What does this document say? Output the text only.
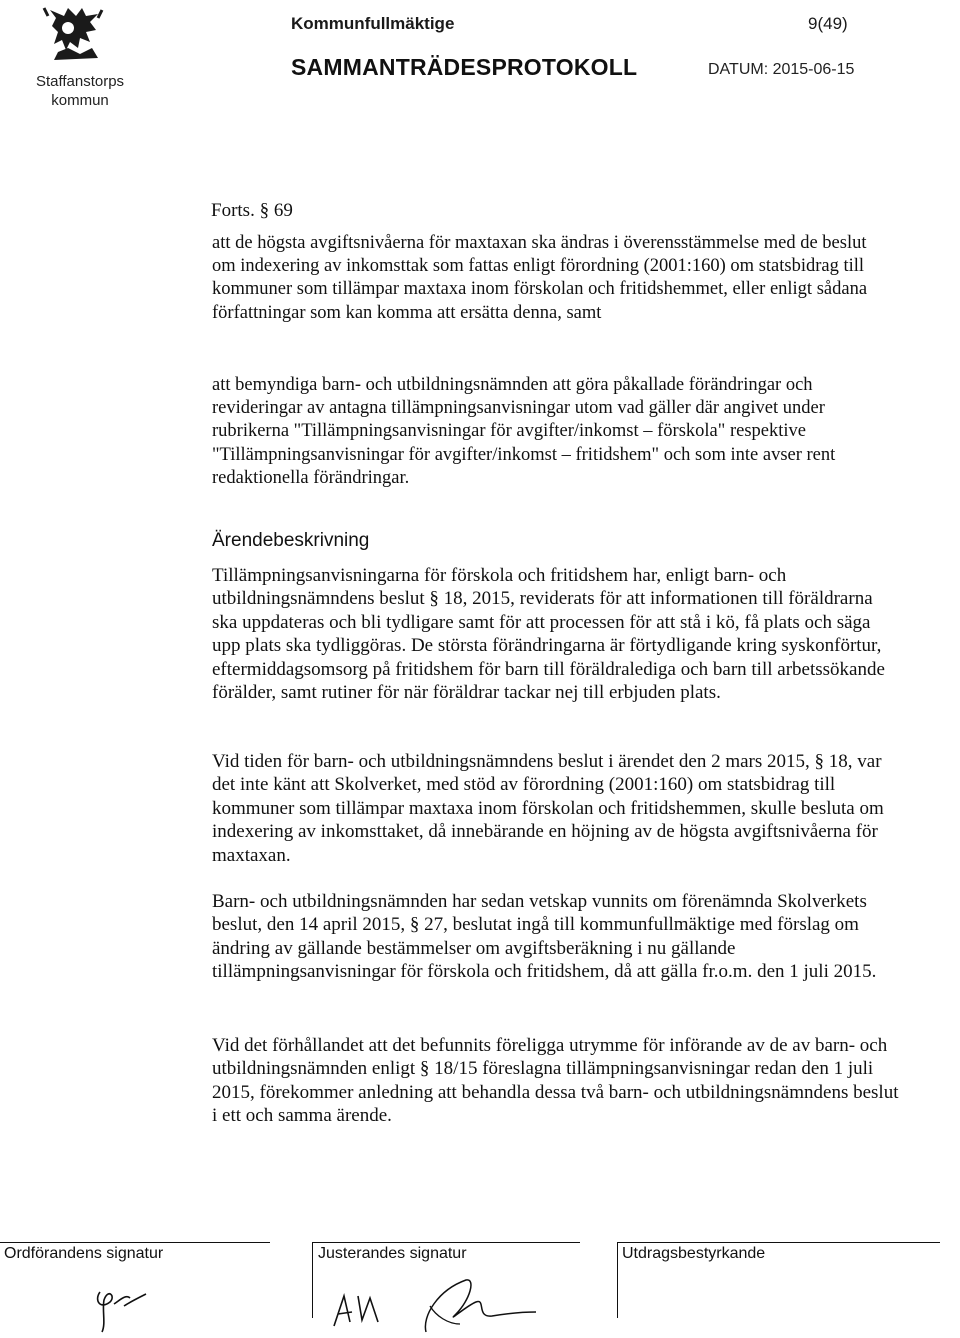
Staffanstorps
kommun
Kommunfullmäktige	9(49)
SAMMANTRÄDESPROTOKOLL	DATUM: 2015-06-15
Forts. § 69

att de högsta avgiftsnivåerna för maxtaxan ska ändras i överensstämmelse med de beslut om indexering av inkomsttak som fattas enligt förordning (2001:160) om statsbidrag till kommuner som tillämpar maxtaxa inom förskolan och fritidshemmet, eller enligt sådana författningar som kan komma att ersätta denna, samt

att bemyndiga barn- och utbildningsnämnden att göra påkallade förändringar och revideringar av antagna tillämpningsanvisningar utom vad gäller där angivet under rubrikerna "Tillämpningsanvisningar för avgifter/inkomst – förskola" respektive "Tillämpningsanvisningar för avgifter/inkomst – fritidshem" och som inte avser rent redaktionella förändringar.

Ärendebeskrivning

Tillämpningsanvisningarna för förskola och fritidshem har, enligt barn- och utbildningsnämndens beslut § 18, 2015, reviderats för att informationen till föräldrarna ska uppdateras och bli tydligare samt för att processen för att stå i kö, få plats och säga upp plats ska tydliggöras. De största förändringarna är förtydligande kring syskonförtur, eftermiddagsomsorg på fritidshem för barn till föräldralediga och barn till arbetssökande förälder, samt rutiner för när föräldrar tackar nej till erbjuden plats.

Vid tiden för barn- och utbildningsnämndens beslut i ärendet den 2 mars 2015, § 18, var det inte känt att Skolverket, med stöd av förordning (2001:160) om statsbidrag till kommuner som tillämpar maxtaxa inom förskolan och fritidshemmen, skulle besluta om indexering av inkomsttaket, då innebärande en höjning av de högsta avgiftsnivåerna för maxtaxan.

Barn- och utbildningsnämnden har sedan vetskap vunnits om förenämnda Skolverkets beslut, den 14 april 2015, § 27, beslutat ingå till kommunfullmäktige med förslag om ändring av gällande bestämmelser om avgiftsberäkning i nu gällande tillämpningsanvisningar för förskola och fritidshem, då att gälla fr.o.m. den 1 juli 2015.

Vid det förhållandet att det befunnits föreligga utrymme för införande av de av barn- och utbildningsnämnden enligt § 18/15 föreslagna tillämpningsanvisningar redan den 1 juli 2015, förekommer anledning att behandla dessa två barn- och utbildningsnämndens beslut i ett och samma ärende.

Ordförandens signatur	Justerandes signatur	Utdragsbestyrkande
